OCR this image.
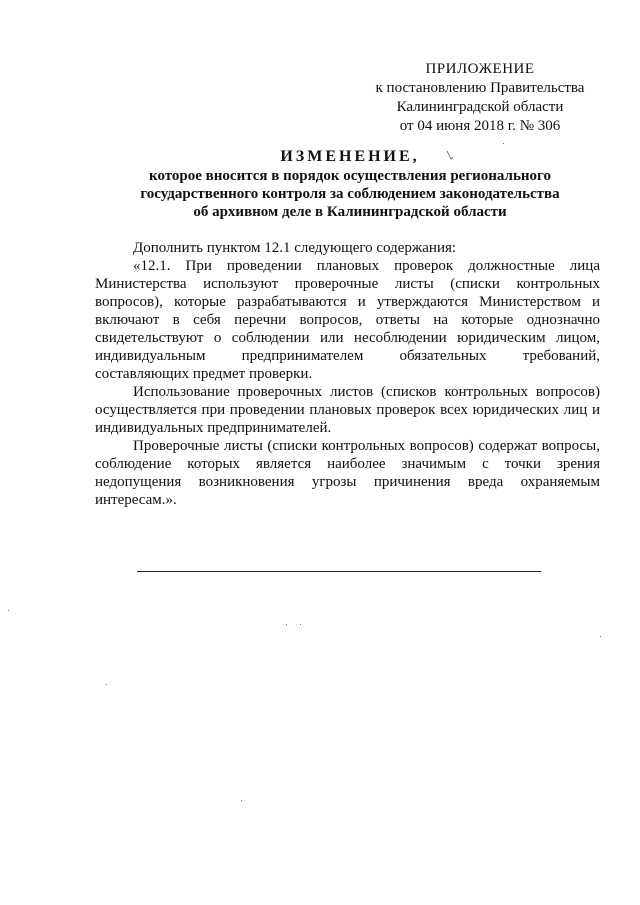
ПРИЛОЖЕНИЕ
к постановлению Правительства
Калининградской области
от 04 июня 2018 г. № 306
ИЗМЕНЕНИЕ,
которое вносится в порядок осуществления регионального
государственного контроля за соблюдением законодательства
об архивном деле в Калининградской области

Дополнить пунктом 12.1 следующего содержания:

«12.1. При проведении плановых проверок должностные лица Министерства используют проверочные листы (списки контрольных вопросов), которые разрабатываются и утверждаются Министерством и включают в себя перечни вопросов, ответы на которые однозначно свидетельствуют о соблюдении или несоблюдении юридическим лицом, индивидуальным предпринимателем обязательных требований, составляющих предмет проверки.

Использование проверочных листов (списков контрольных вопросов) осуществляется при проведении плановых проверок всех юридических лиц и индивидуальных предпринимателей.

Проверочные листы (списки контрольных вопросов) содержат вопросы, соблюдение которых является наиболее значимым с точки зрения недопущения возникновения угрозы причинения вреда охраняемым интересам.».
